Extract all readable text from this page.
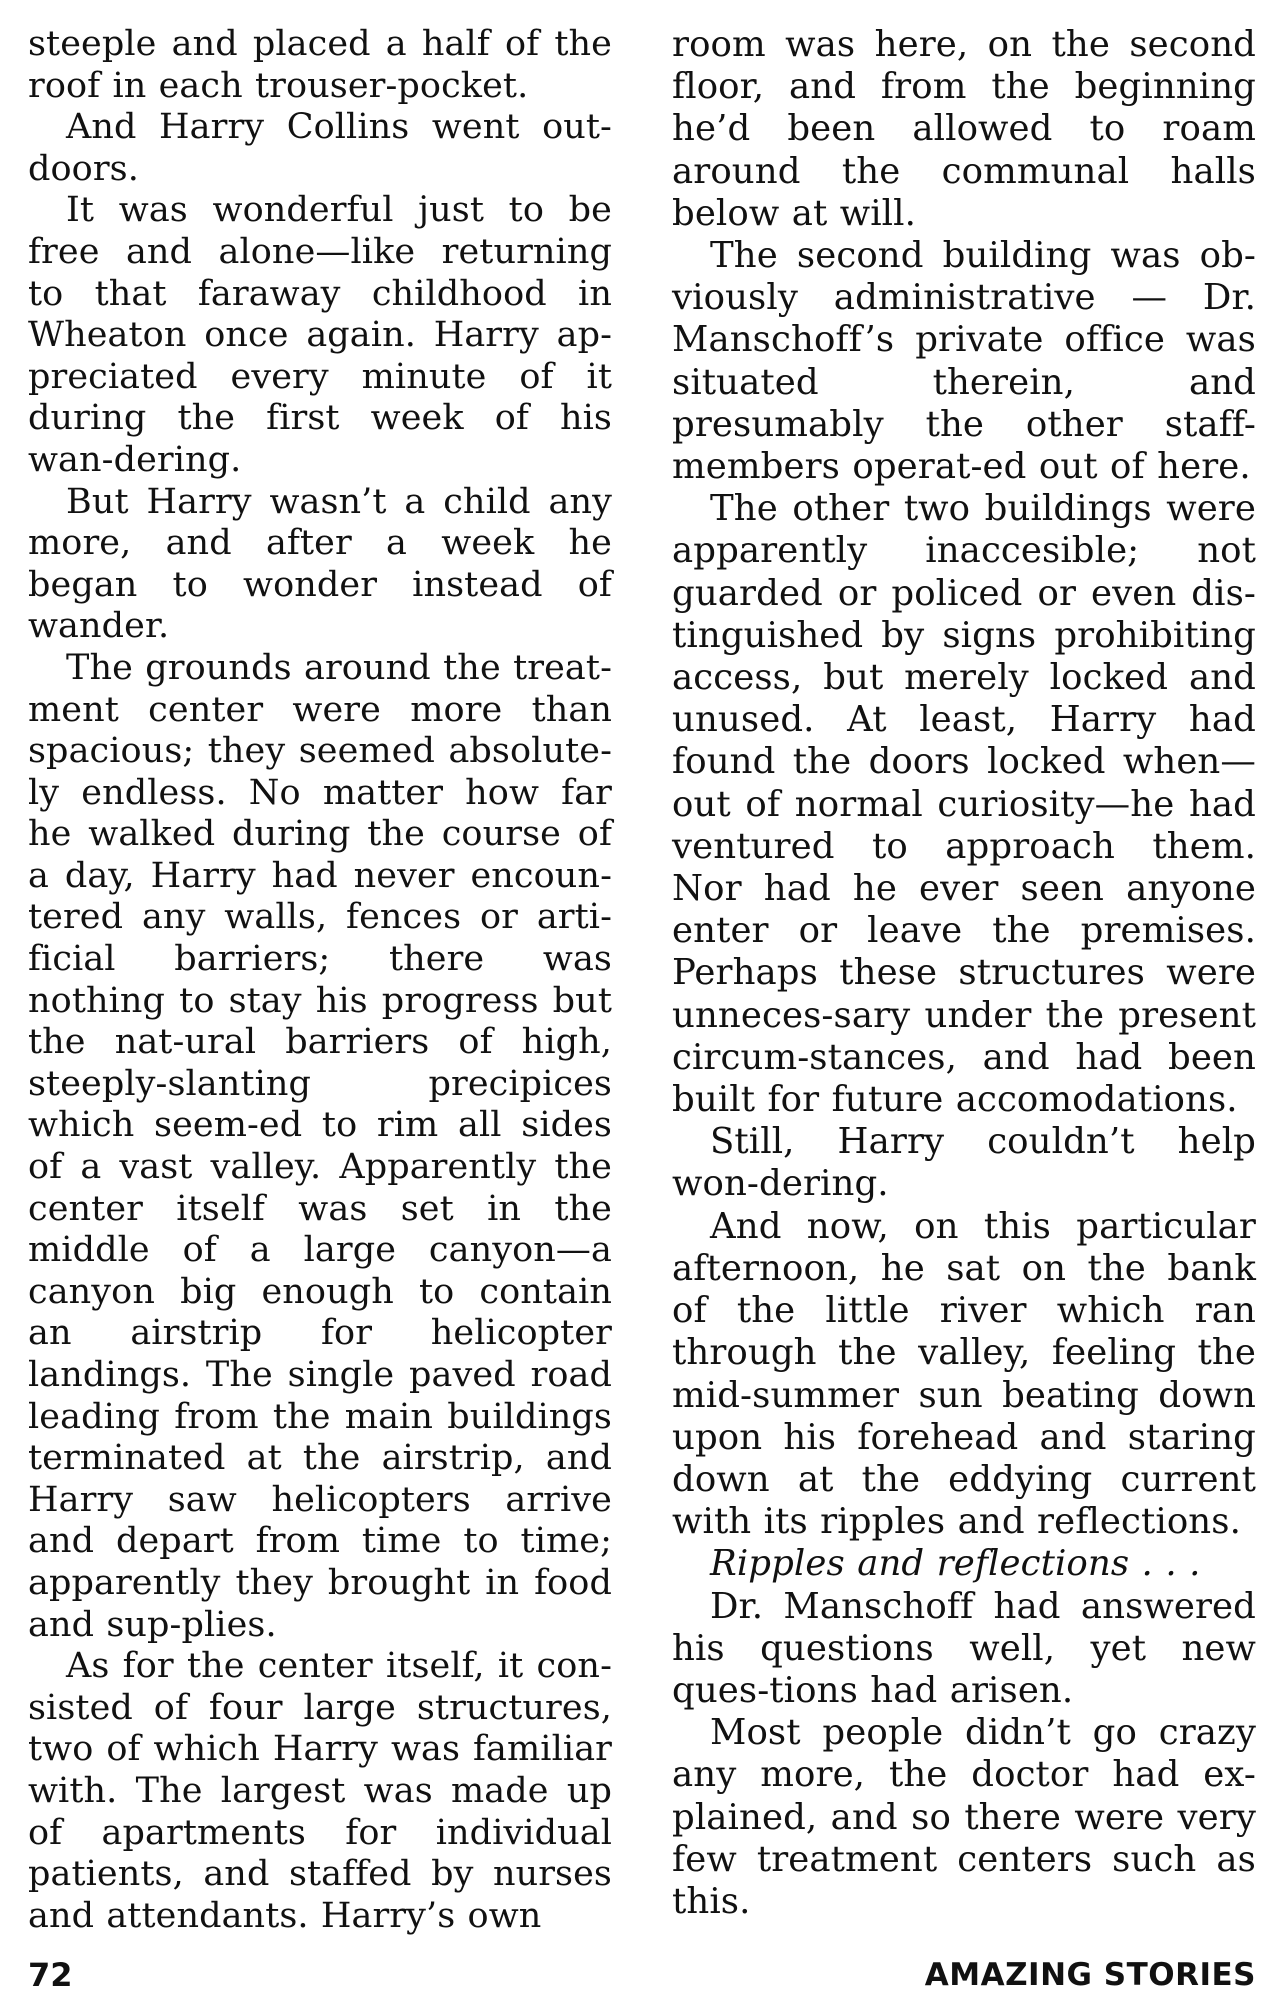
steeple and placed a half of the roof in each trouser-pocket.

And Harry Collins went out-doors.

It was wonderful just to be free and alone—like returning to that faraway childhood in Wheaton once again. Harry ap-preciated every minute of it during the first week of his wan-dering.

But Harry wasn’t a child any more, and after a week he began to wonder instead of wander.

The grounds around the treat-ment center were more than spacious; they seemed absolute-ly endless. No matter how far he walked during the course of a day, Harry had never encoun-tered any walls, fences or arti-ficial barriers; there was nothing to stay his progress but the nat-ural barriers of high, steeply-slanting precipices which seem-ed to rim all sides of a vast valley. Apparently the center itself was set in the middle of a large canyon—a canyon big enough to contain an airstrip for helicopter landings. The single paved road leading from the main buildings terminated at the airstrip, and Harry saw helicopters arrive and depart from time to time; apparently they brought in food and sup-plies.

As for the center itself, it con-sisted of four large structures, two of which Harry was familiar with. The largest was made up of apartments for individual patients, and staffed by nurses and attendants. Harry’s own

room was here, on the second floor, and from the beginning he’d been allowed to roam around the communal halls below at will.

The second building was ob-viously administrative — Dr. Manschoff’s private office was situated therein, and presumably the other staff-members operat-ed out of here.

The other two buildings were apparently inaccesible; not guarded or policed or even dis-tinguished by signs prohibiting access, but merely locked and unused. At least, Harry had found the doors locked when—out of normal curiosity—he had ventured to approach them. Nor had he ever seen anyone enter or leave the premises. Perhaps these structures were unneces-sary under the present circum-stances, and had been built for future accomodations.

Still, Harry couldn’t help won-dering.

And now, on this particular afternoon, he sat on the bank of the little river which ran through the valley, feeling the mid-summer sun beating down upon his forehead and staring down at the eddying current with its ripples and reflections.

Ripples and reflections . . .

Dr. Manschoff had answered his questions well, yet new ques-tions had arisen.

Most people didn’t go crazy any more, the doctor had ex-plained, and so there were very few treatment centers such as this.

72	AMAZING STORIES
